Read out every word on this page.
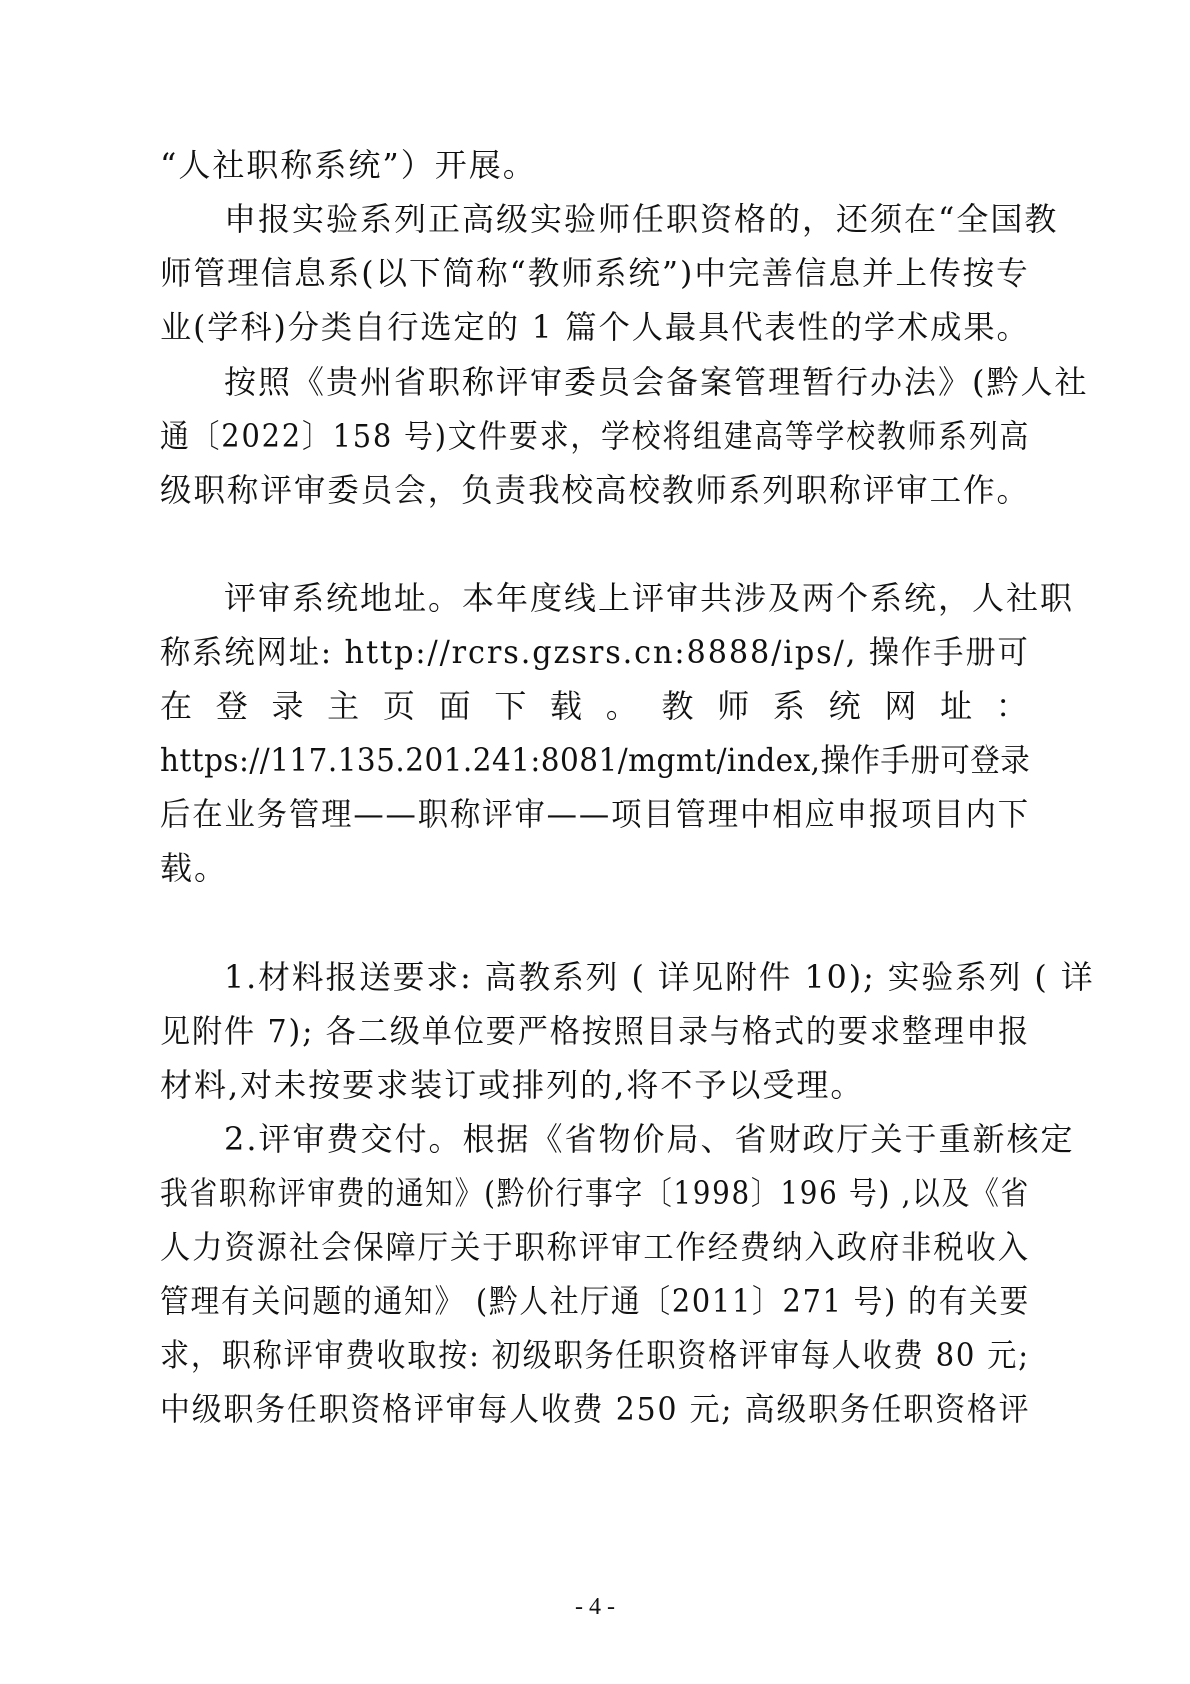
“人社职称系统”）开展。
申报实验系列正高级实验师任职资格的，还须在“全国教
师管理信息系(以下简称“教师系统”)中完善信息并上传按专
业(学科)分类自行选定的 1 篇个人最具代表性的学术成果。
按照《贵州省职称评审委员会备案管理暂行办法》(黔人社
通〔2022〕158 号)文件要求，学校将组建高等学校教师系列高
级职称评审委员会，负责我校高校教师系列职称评审工作。
评审系统地址。本年度线上评审共涉及两个系统，人社职
称系统网址: http://rcrs.gzsrs.cn:8888/ips/, 操作手册可
在 登 录 主 页 面 下 载 。 教 师 系 统 网 址 ：
https://117.135.201.241:8081/mgmt/index,操作手册可登录
后在业务管理——职称评审——项目管理中相应申报项目内下
载。
1.材料报送要求: 高教系列 ( 详见附件 10); 实验系列 ( 详
见附件 7); 各二级单位要严格按照目录与格式的要求整理申报
材料,对未按要求装订或排列的,将不予以受理。
2.评审费交付。根据《省物价局、省财政厅关于重新核定
我省职称评审费的通知》(黔价行事字〔1998〕196 号) ,以及《省
人力资源社会保障厅关于职称评审工作经费纳入政府非税收入
管理有关问题的通知》 (黔人社厅通〔2011〕271 号) 的有关要
求，职称评审费收取按: 初级职务任职资格评审每人收费 80 元;
中级职务任职资格评审每人收费 250 元; 高级职务任职资格评
- 4 -
